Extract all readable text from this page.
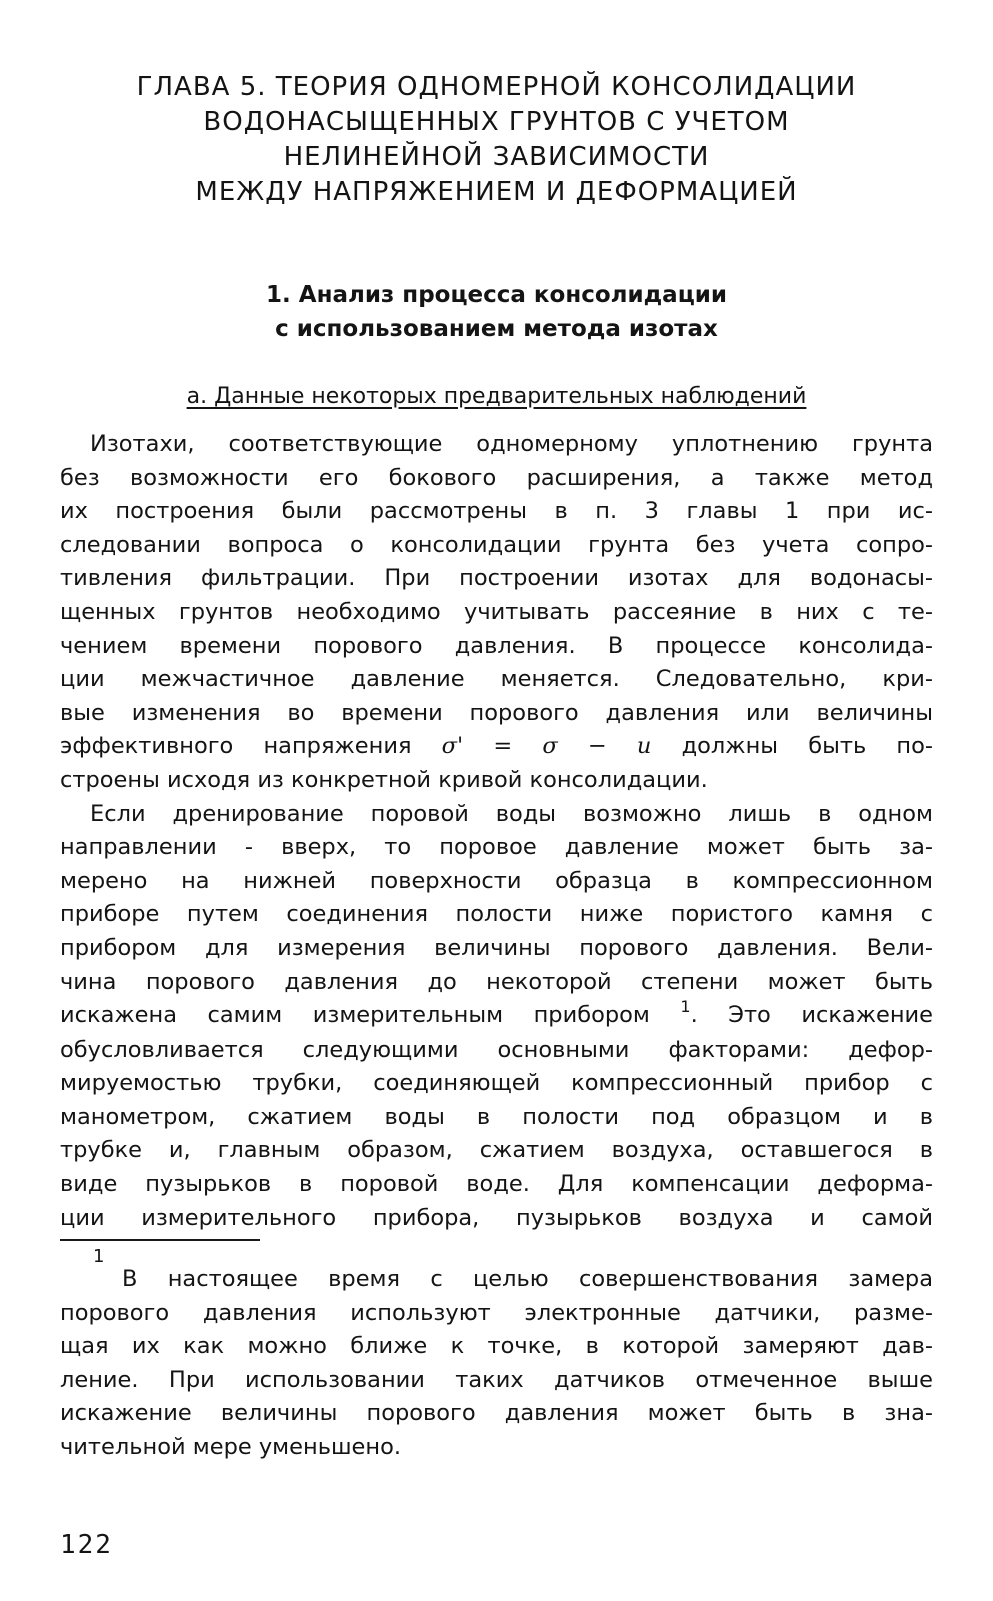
ГЛАВА 5. ТЕОРИЯ ОДНОМЕРНОЙ КОНСОЛИДАЦИИ
ВОДОНАСЫЩЕННЫХ ГРУНТОВ С УЧЕТОМ
НЕЛИНЕЙНОЙ ЗАВИСИМОСТИ
МЕЖДУ НАПРЯЖЕНИЕМ И ДЕФОРМАЦИЕЙ
1. Анализ процесса консолидации
с использованием метода изотах
а. Данные некоторых предварительных наблюдений
Изотахи, соответствующие одномерному уплотнению грунта
без возможности его бокового расширения, а также метод
их построения были рассмотрены в п. 3 главы 1 при ис-
следовании вопроса о консолидации грунта без учета сопро-
тивления фильтрации. При построении изотах для водонасы-
щенных грунтов необходимо учитывать рассеяние в них с те-
чением времени порового давления. В процессе консолида-
ции межчастичное давление меняется. Следовательно, кри-
вые изменения во времени порового давления или величины
эффективного напряжения σ' = σ − u должны быть по-
строены исходя из конкретной кривой консолидации.
Если дренирование поровой воды возможно лишь в одном
направлении - вверх, то поровое давление может быть за-
мерено на нижней поверхности образца в компрессионном
приборе путем соединения полости ниже пористого камня с
прибором для измерения величины порового давления. Вели-
чина порового давления до некоторой степени может быть
искажена самим измерительным прибором $^1$. Это искажение
обусловливается следующими основными факторами: дефор-
мируемостью трубки, соединяющей компрессионный прибор с
манометром, сжатием воды в полости под образцом и в
трубке и, главным образом, сжатием воздуха, оставшегося в
виде пузырьков в поровой воде. Для компенсации деформа-
ции измерительного прибора, пузырьков воздуха и самой
1
В настоящее время с целью совершенствования замера
порового давления используют электронные датчики, разме-
щая их как можно ближе к точке, в которой замеряют дав-
ление. При использовании таких датчиков отмеченное выше
искажение величины порового давления может быть в зна-
чительной мере уменьшено.
122
